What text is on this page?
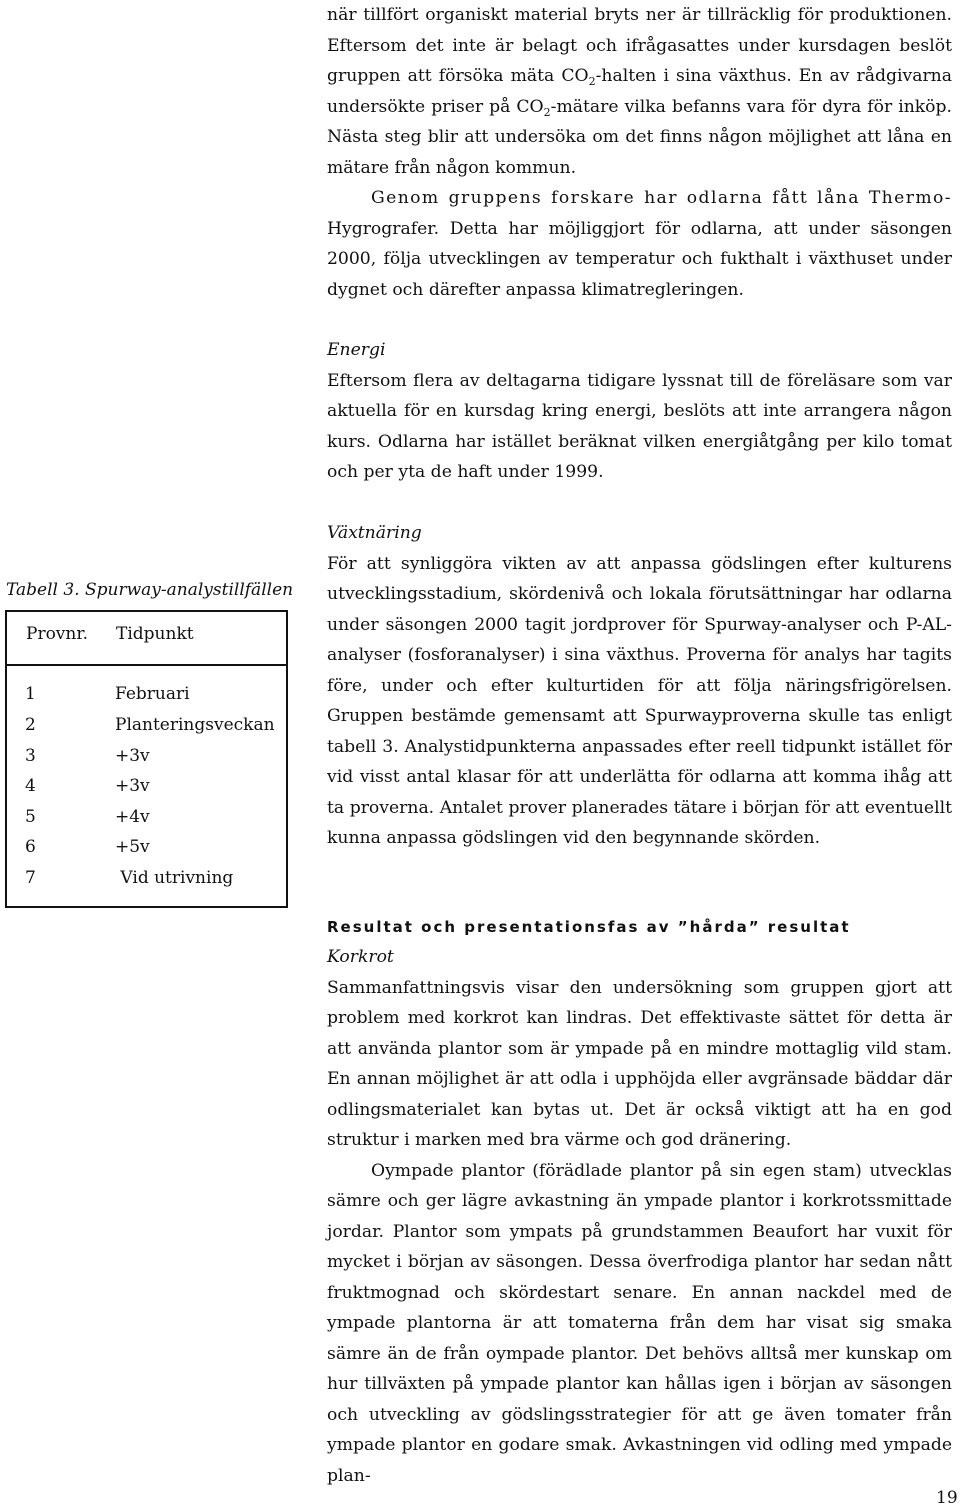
när tillfört organiskt material bryts ner är tillräcklig för produktionen. Eftersom det inte är belagt och ifrågasattes under kursdagen beslöt gruppen att försöka mäta $CO_2$-halten i sina växthus. En av rådgivarna undersökte priser på $CO_2$-mätare vilka befanns vara för dyra för inköp. Nästa steg blir att undersöka om det finns någon möjlighet att låna en mätare från någon kommun.

Genom gruppens forskare har odlarna fått låna Thermo- Hygrografer. Detta har möjliggjort för odlarna, att under säsongen 2000, följa utvecklingen av temperatur och fukthalt i växthuset under dygnet och därefter anpassa klimatregleringen.

Energi

Eftersom flera av deltagarna tidigare lyssnat till de föreläsare som var aktuella för en kursdag kring energi, beslöts att inte arrangera någon kurs. Odlarna har istället beräknat vilken energiåtgång per kilo tomat och per yta de haft under 1999.

Växtnäring

För att synliggöra vikten av att anpassa gödslingen efter kulturens utvecklingsstadium, skördenivå och lokala förutsättningar har odlarna under säsongen 2000 tagit jordprover för Spurway-analyser och P-AL-analyser (fosforanalyser) i sina växthus. Proverna för analys har tagits före, under och efter kulturtiden för att följa näringsfrigörelsen. Gruppen bestämde gemensamt att Spurwayproverna skulle tas enligt tabell 3. Analystidpunkterna anpassades efter reell tidpunkt istället för vid visst antal klasar för att underlätta för odlarna att komma ihåg att ta proverna. Antalet prover planerades tätare i början för att eventuellt kunna anpassa gödslingen vid den begynnande skörden.

Resultat och presentationsfas av ”hårda” resultat

Korkrot

Sammanfattningsvis visar den undersökning som gruppen gjort att problem med korkrot kan lindras. Det effektivaste sättet för detta är att använda plantor som är ympade på en mindre mottaglig vild stam. En annan möjlighet är att odla i upphöjda eller avgränsade bäddar där odlingsmaterialet kan bytas ut. Det är också viktigt att ha en god struktur i marken med bra värme och god dränering.

Oympade plantor (förädlade plantor på sin egen stam) utvecklas sämre och ger lägre avkastning än ympade plantor i korkrotssmittade jordar. Plantor som ympats på grundstammen Beaufort har vuxit för mycket i början av säsongen. Dessa överfrodiga plantor har sedan nått fruktmognad och skördestart senare. En annan nackdel med de ympade plantorna är att tomaterna från dem har visat sig smaka sämre än de från oympade plantor. Det behövs alltså mer kunskap om hur tillväxten på ympade plantor kan hållas igen i början av säsongen och utveckling av gödslingsstrategier för att ge även tomater från ympade plantor en godare smak. Avkastningen vid odling med ympade plan-

Tabell 3. Spurway-analystillfällen
Provnr. Tidpunkt
1	Februari
2	Planteringsveckan
3	+3v
4	+3v
5	+4v
6	+5v
7	Vid utrivning
19
